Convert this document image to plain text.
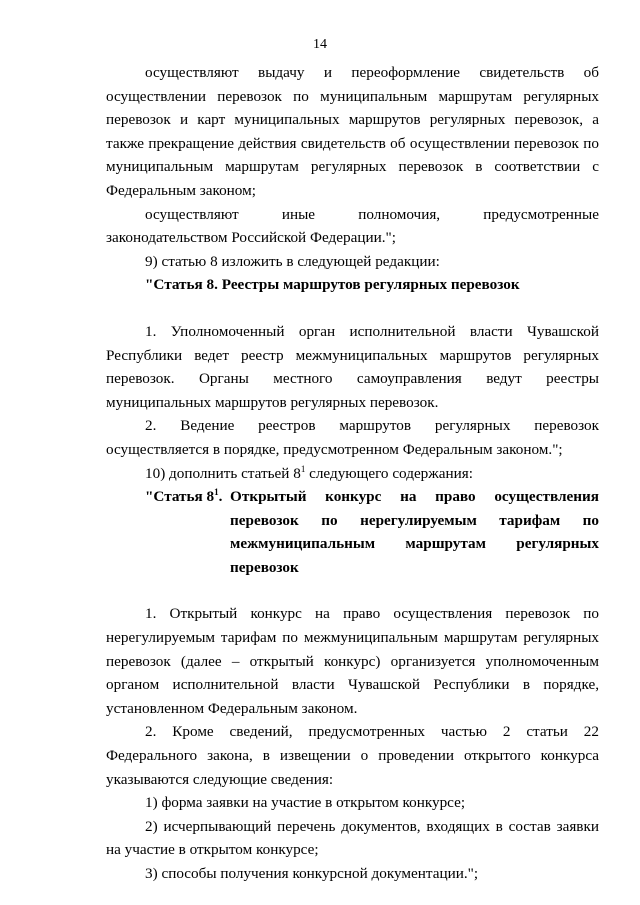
14

осуществляют выдачу и переоформление свидетельств об осуществлении перевозок по муниципальным маршрутам регулярных перевозок и карт муниципальных маршрутов регулярных перевозок, а также прекращение действия свидетельств об осуществлении перевозок по муниципальным маршрутам регулярных перевозок в соответствии с Федеральным законом;

осуществляют иные полномочия, предусмотренные законодательством Российской Федерации.";

9) статью 8 изложить в следующей редакции:

"Статья 8. Реестры маршрутов регулярных перевозок

1. Уполномоченный орган исполнительной власти Чувашской Республики ведет реестр межмуниципальных маршрутов регулярных перевозок. Органы местного самоуправления ведут реестры муниципальных маршрутов регулярных перевозок.

2. Ведение реестров маршрутов регулярных перевозок осуществляется в порядке, предусмотренном Федеральным законом.";

10) дополнить статьей $8^1$ следующего содержания:

"Статья $8^1$. Открытый конкурс на право осуществления перевозок по нерегулируемым тарифам по межмуниципальным маршрутам регулярных перевозок

1. Открытый конкурс на право осуществления перевозок по нерегулируемым тарифам по межмуниципальным маршрутам регулярных перевозок (далее – открытый конкурс) организуется уполномоченным органом исполнительной власти Чувашской Республики в порядке, установленном Федеральным законом.

2. Кроме сведений, предусмотренных частью 2 статьи 22 Федерального закона, в извещении о проведении открытого конкурса указываются следующие сведения:

1) форма заявки на участие в открытом конкурсе;

2) исчерпывающий перечень документов, входящих в состав заявки на участие в открытом конкурсе;

3) способы получения конкурсной документации.";
